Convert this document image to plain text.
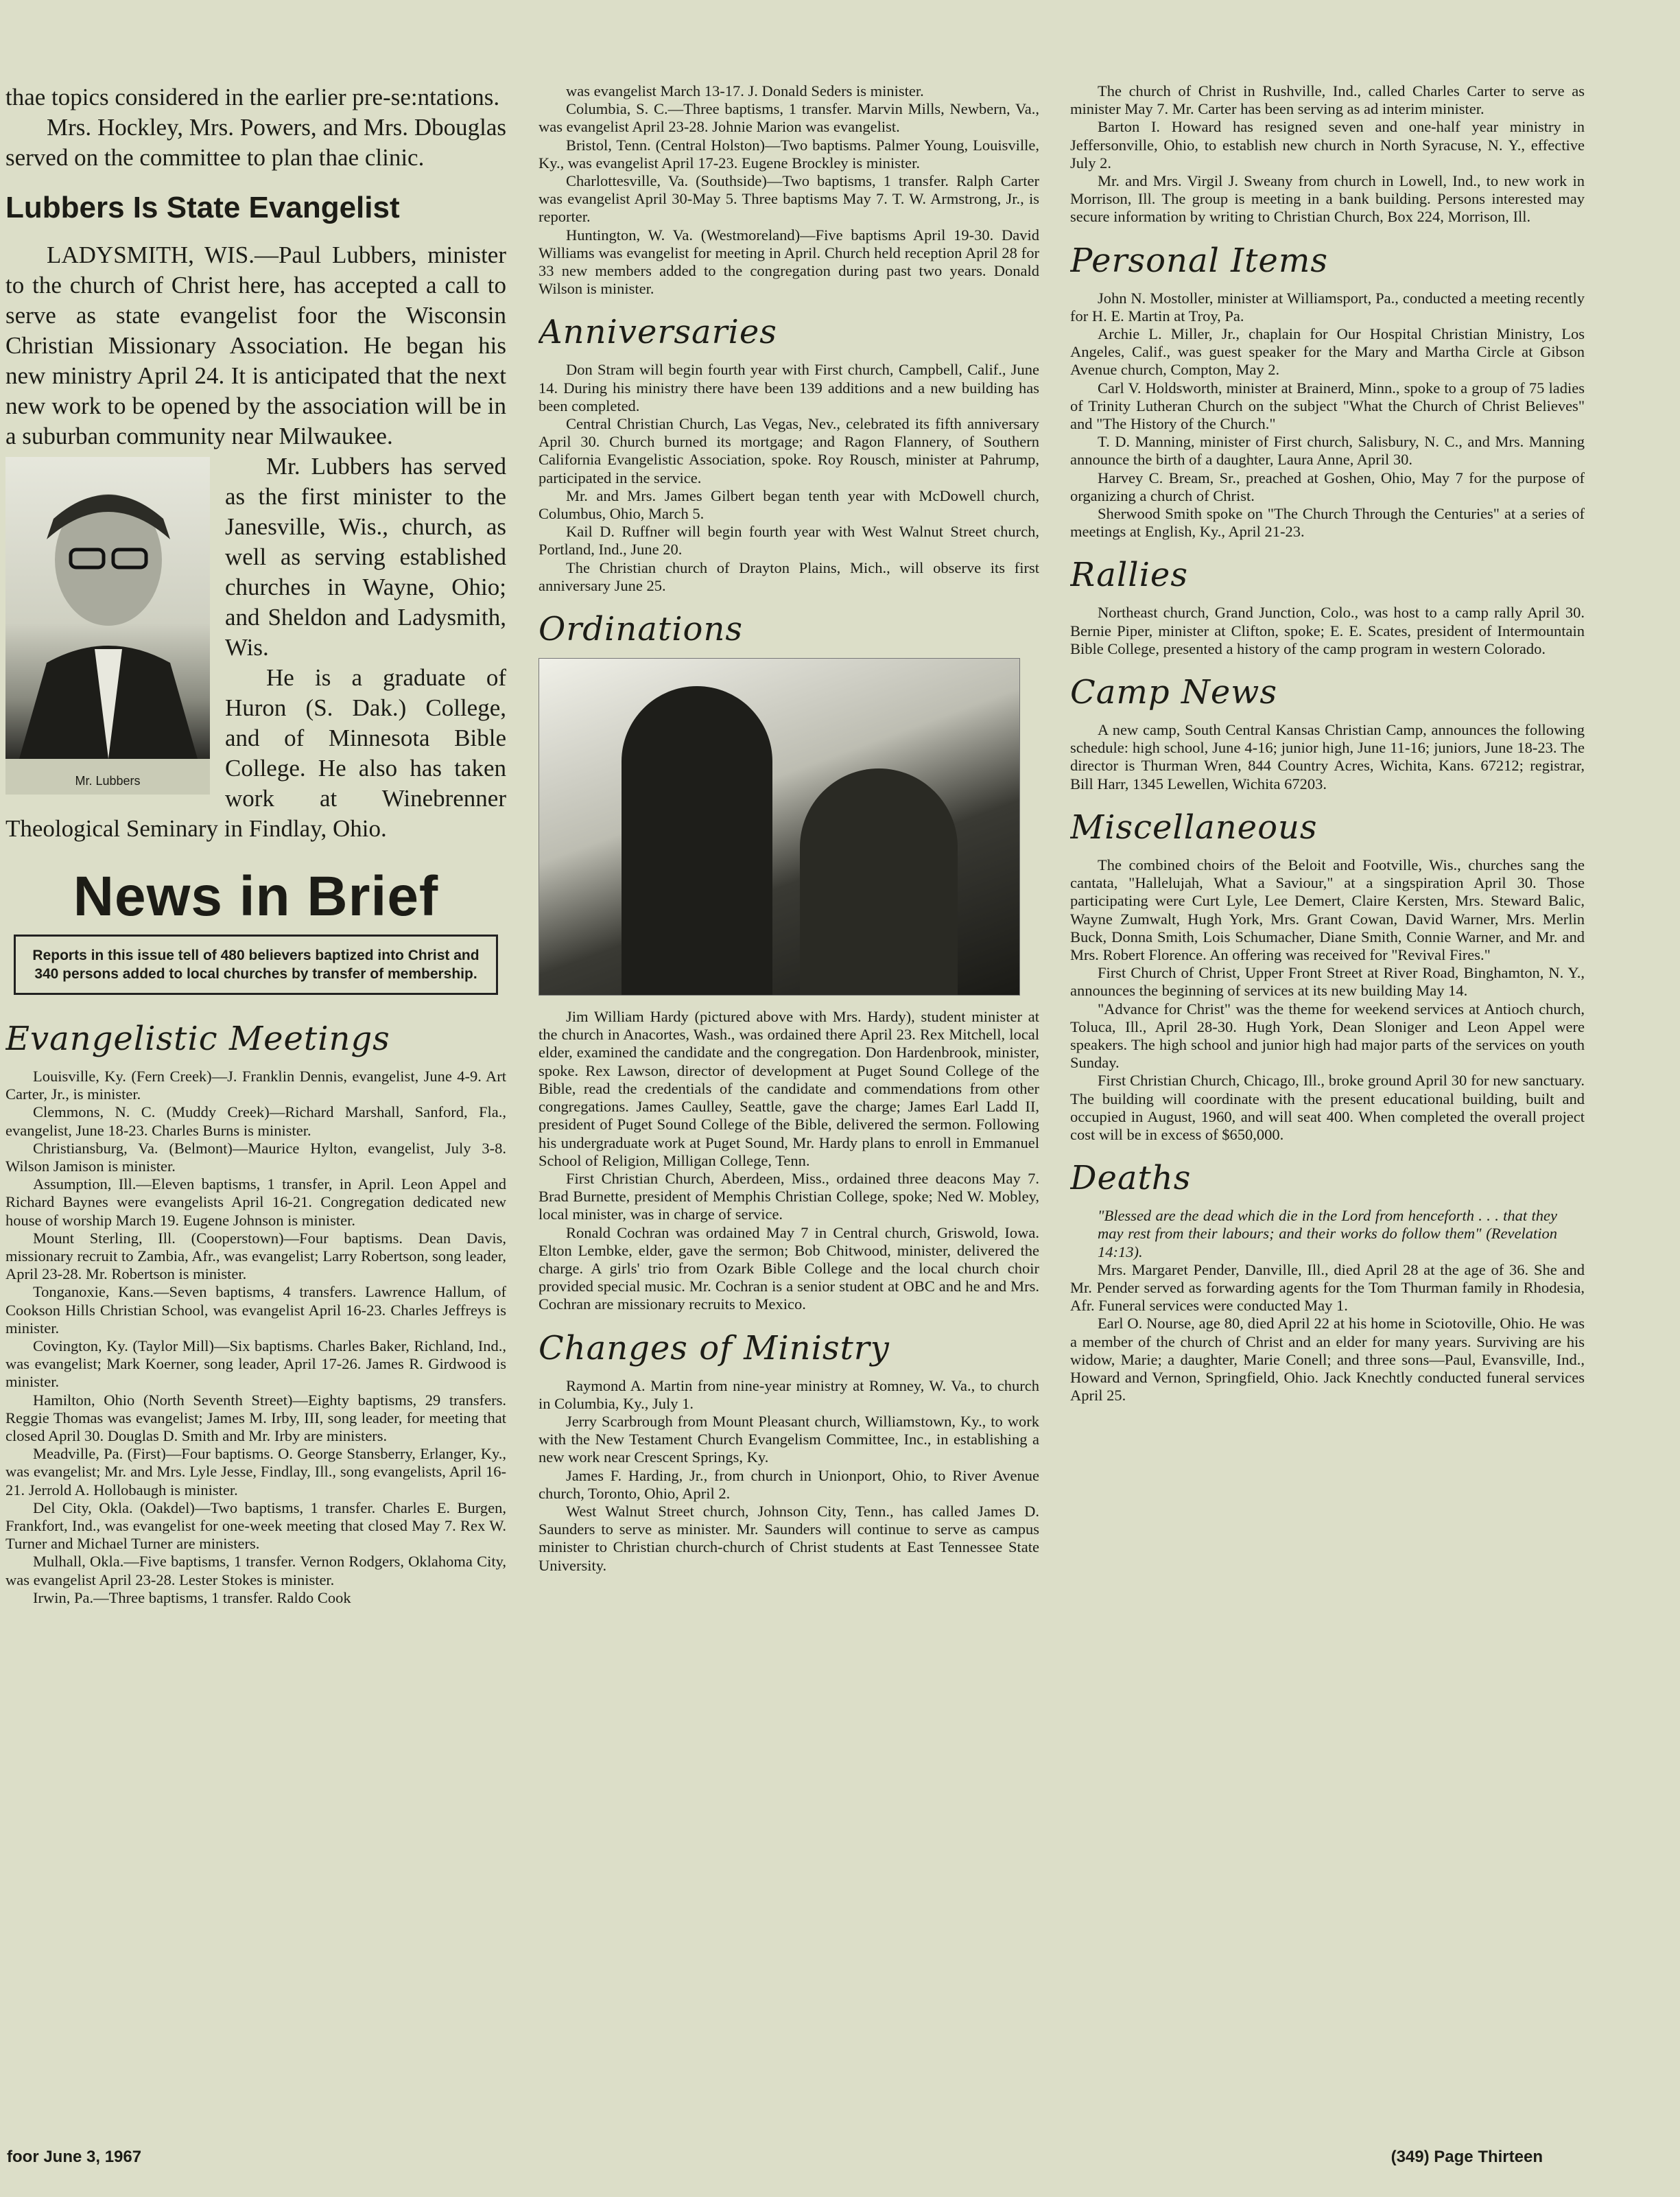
thae topics considered in the earlier pre-se:ntations.

Mrs. Hockley, Mrs. Powers, and Mrs. Dbouglas served on the committee to plan thae clinic.

Lubbers Is State Evangelist

LADYSMITH, WIS.—Paul Lubbers, minister to the church of Christ here, has accepted a call to serve as state evangelist foor the Wisconsin Christian Missionary Association. He began his new ministry April 24. It is anticipated that the next new work to be opened by the association will be in a suburban community near Milwaukee.

Mr. Lubbers

Mr. Lubbers has served as the first minister to the Janesville, Wis., church, as well as serving established churches in Wayne, Ohio; and Sheldon and Ladysmith, Wis.

He is a graduate of Huron (S. Dak.) College, and of Minnesota Bible College. He also has taken work at Winebrenner Theological Seminary in Findlay, Ohio.

News in Brief
Reports in this issue tell of 480 believers baptized into Christ and 340 persons added to local churches by transfer of membership.
Evangelistic Meetings

Louisville, Ky. (Fern Creek)—J. Franklin Dennis, evangelist, June 4-9. Art Carter, Jr., is minister.

Clemmons, N. C. (Muddy Creek)—Richard Marshall, Sanford, Fla., evangelist, June 18-23. Charles Burns is minister.

Christiansburg, Va. (Belmont)—Maurice Hylton, evangelist, July 3-8. Wilson Jamison is minister.

Assumption, Ill.—Eleven baptisms, 1 transfer, in April. Leon Appel and Richard Baynes were evangelists April 16-21. Congregation dedicated new house of worship March 19. Eugene Johnson is minister.

Mount Sterling, Ill. (Cooperstown)—Four baptisms. Dean Davis, missionary recruit to Zambia, Afr., was evangelist; Larry Robertson, song leader, April 23-28. Mr. Robertson is minister.

Tonganoxie, Kans.—Seven baptisms, 4 transfers. Lawrence Hallum, of Cookson Hills Christian School, was evangelist April 16-23. Charles Jeffreys is minister.

Covington, Ky. (Taylor Mill)—Six baptisms. Charles Baker, Richland, Ind., was evangelist; Mark Koerner, song leader, April 17-26. James R. Girdwood is minister.

Hamilton, Ohio (North Seventh Street)—Eighty baptisms, 29 transfers. Reggie Thomas was evangelist; James M. Irby, III, song leader, for meeting that closed April 30. Douglas D. Smith and Mr. Irby are ministers.

Meadville, Pa. (First)—Four baptisms. O. George Stansberry, Erlanger, Ky., was evangelist; Mr. and Mrs. Lyle Jesse, Findlay, Ill., song evangelists, April 16-21. Jerrold A. Hollobaugh is minister.

Del City, Okla. (Oakdel)—Two baptisms, 1 transfer. Charles E. Burgen, Frankfort, Ind., was evangelist for one-week meeting that closed May 7. Rex W. Turner and Michael Turner are ministers.

Mulhall, Okla.—Five baptisms, 1 transfer. Vernon Rodgers, Oklahoma City, was evangelist April 23-28. Lester Stokes is minister.

Irwin, Pa.—Three baptisms, 1 transfer. Raldo Cook

was evangelist March 13-17. J. Donald Seders is minister.

Columbia, S. C.—Three baptisms, 1 transfer. Marvin Mills, Newbern, Va., was evangelist April 23-28. Johnie Marion was evangelist.

Bristol, Tenn. (Central Holston)—Two baptisms. Palmer Young, Louisville, Ky., was evangelist April 17-23. Eugene Brockley is minister.

Charlottesville, Va. (Southside)—Two baptisms, 1 transfer. Ralph Carter was evangelist April 30-May 5. Three baptisms May 7. T. W. Armstrong, Jr., is reporter.

Huntington, W. Va. (Westmoreland)—Five baptisms April 19-30. David Williams was evangelist for meeting in April. Church held reception April 28 for 33 new members added to the congregation during past two years. Donald Wilson is minister.

Anniversaries

Don Stram will begin fourth year with First church, Campbell, Calif., June 14. During his ministry there have been 139 additions and a new building has been completed.

Central Christian Church, Las Vegas, Nev., celebrated its fifth anniversary April 30. Church burned its mortgage; and Ragon Flannery, of Southern California Evangelistic Association, spoke. Roy Rousch, minister at Pahrump, participated in the service.

Mr. and Mrs. James Gilbert began tenth year with McDowell church, Columbus, Ohio, March 5.

Kail D. Ruffner will begin fourth year with West Walnut Street church, Portland, Ind., June 20.

The Christian church of Drayton Plains, Mich., will observe its first anniversary June 25.

Ordinations

Jim William Hardy (pictured above with Mrs. Hardy), student minister at the church in Anacortes, Wash., was ordained there April 23. Rex Mitchell, local elder, examined the candidate and the congregation. Don Hardenbrook, minister, spoke. Rex Lawson, director of development at Puget Sound College of the Bible, read the credentials of the candidate and commendations from other congregations. James Caulley, Seattle, gave the charge; James Earl Ladd II, president of Puget Sound College of the Bible, delivered the sermon. Following his undergraduate work at Puget Sound, Mr. Hardy plans to enroll in Emmanuel School of Religion, Milligan College, Tenn.

First Christian Church, Aberdeen, Miss., ordained three deacons May 7. Brad Burnette, president of Memphis Christian College, spoke; Ned W. Mobley, local minister, was in charge of service.

Ronald Cochran was ordained May 7 in Central church, Griswold, Iowa. Elton Lembke, elder, gave the sermon; Bob Chitwood, minister, delivered the charge. A girls' trio from Ozark Bible College and the local church choir provided special music. Mr. Cochran is a senior student at OBC and he and Mrs. Cochran are missionary recruits to Mexico.

Changes of Ministry

Raymond A. Martin from nine-year ministry at Romney, W. Va., to church in Columbia, Ky., July 1.

Jerry Scarbrough from Mount Pleasant church, Williamstown, Ky., to work with the New Testament Church Evangelism Committee, Inc., in establishing a new work near Crescent Springs, Ky.

James F. Harding, Jr., from church in Unionport, Ohio, to River Avenue church, Toronto, Ohio, April 2.

West Walnut Street church, Johnson City, Tenn., has called James D. Saunders to serve as minister. Mr. Saunders will continue to serve as campus minister to Christian church-church of Christ students at East Tennessee State University.

The church of Christ in Rushville, Ind., called Charles Carter to serve as minister May 7. Mr. Carter has been serving as ad interim minister.

Barton I. Howard has resigned seven and one-half year ministry in Jeffersonville, Ohio, to establish new church in North Syracuse, N. Y., effective July 2.

Mr. and Mrs. Virgil J. Sweany from church in Lowell, Ind., to new work in Morrison, Ill. The group is meeting in a bank building. Persons interested may secure information by writing to Christian Church, Box 224, Morrison, Ill.

Personal Items

John N. Mostoller, minister at Williamsport, Pa., conducted a meeting recently for H. E. Martin at Troy, Pa.

Archie L. Miller, Jr., chaplain for Our Hospital Christian Ministry, Los Angeles, Calif., was guest speaker for the Mary and Martha Circle at Gibson Avenue church, Compton, May 2.

Carl V. Holdsworth, minister at Brainerd, Minn., spoke to a group of 75 ladies of Trinity Lutheran Church on the subject "What the Church of Christ Believes" and "The History of the Church."

T. D. Manning, minister of First church, Salisbury, N. C., and Mrs. Manning announce the birth of a daughter, Laura Anne, April 30.

Harvey C. Bream, Sr., preached at Goshen, Ohio, May 7 for the purpose of organizing a church of Christ.

Sherwood Smith spoke on "The Church Through the Centuries" at a series of meetings at English, Ky., April 21-23.

Rallies

Northeast church, Grand Junction, Colo., was host to a camp rally April 30. Bernie Piper, minister at Clifton, spoke; E. E. Scates, president of Intermountain Bible College, presented a history of the camp program in western Colorado.

Camp News

A new camp, South Central Kansas Christian Camp, announces the following schedule: high school, June 4-16; junior high, June 11-16; juniors, June 18-23. The director is Thurman Wren, 844 Country Acres, Wichita, Kans. 67212; registrar, Bill Harr, 1345 Lewellen, Wichita 67203.

Miscellaneous

The combined choirs of the Beloit and Footville, Wis., churches sang the cantata, "Hallelujah, What a Saviour," at a singspiration April 30. Those participating were Curt Lyle, Lee Demert, Claire Kersten, Mrs. Steward Balic, Wayne Zumwalt, Hugh York, Mrs. Grant Cowan, David Warner, Mrs. Merlin Buck, Donna Smith, Lois Schumacher, Diane Smith, Connie Warner, and Mr. and Mrs. Robert Florence. An offering was received for "Revival Fires."

First Church of Christ, Upper Front Street at River Road, Binghamton, N. Y., announces the beginning of services at its new building May 14.

"Advance for Christ" was the theme for weekend services at Antioch church, Toluca, Ill., April 28-30. Hugh York, Dean Sloniger and Leon Appel were speakers. The high school and junior high had major parts of the services on youth Sunday.

First Christian Church, Chicago, Ill., broke ground April 30 for new sanctuary. The building will coordinate with the present educational building, built and occupied in August, 1960, and will seat 400. When completed the overall project cost will be in excess of $650,000.

Deaths

"Blessed are the dead which die in the Lord from henceforth . . . that they may rest from their labours; and their works do follow them" (Revelation 14:13).

Mrs. Margaret Pender, Danville, Ill., died April 28 at the age of 36. She and Mr. Pender served as forwarding agents for the Tom Thurman family in Rhodesia, Afr. Funeral services were conducted May 1.

Earl O. Nourse, age 80, died April 22 at his home in Sciotoville, Ohio. He was a member of the church of Christ and an elder for many years. Surviving are his widow, Marie; a daughter, Marie Conell; and three sons—Paul, Evansville, Ind., Howard and Vernon, Springfield, Ohio. Jack Knechtly conducted funeral services April 25.

foor June 3, 1967	(349) Page Thirteen
